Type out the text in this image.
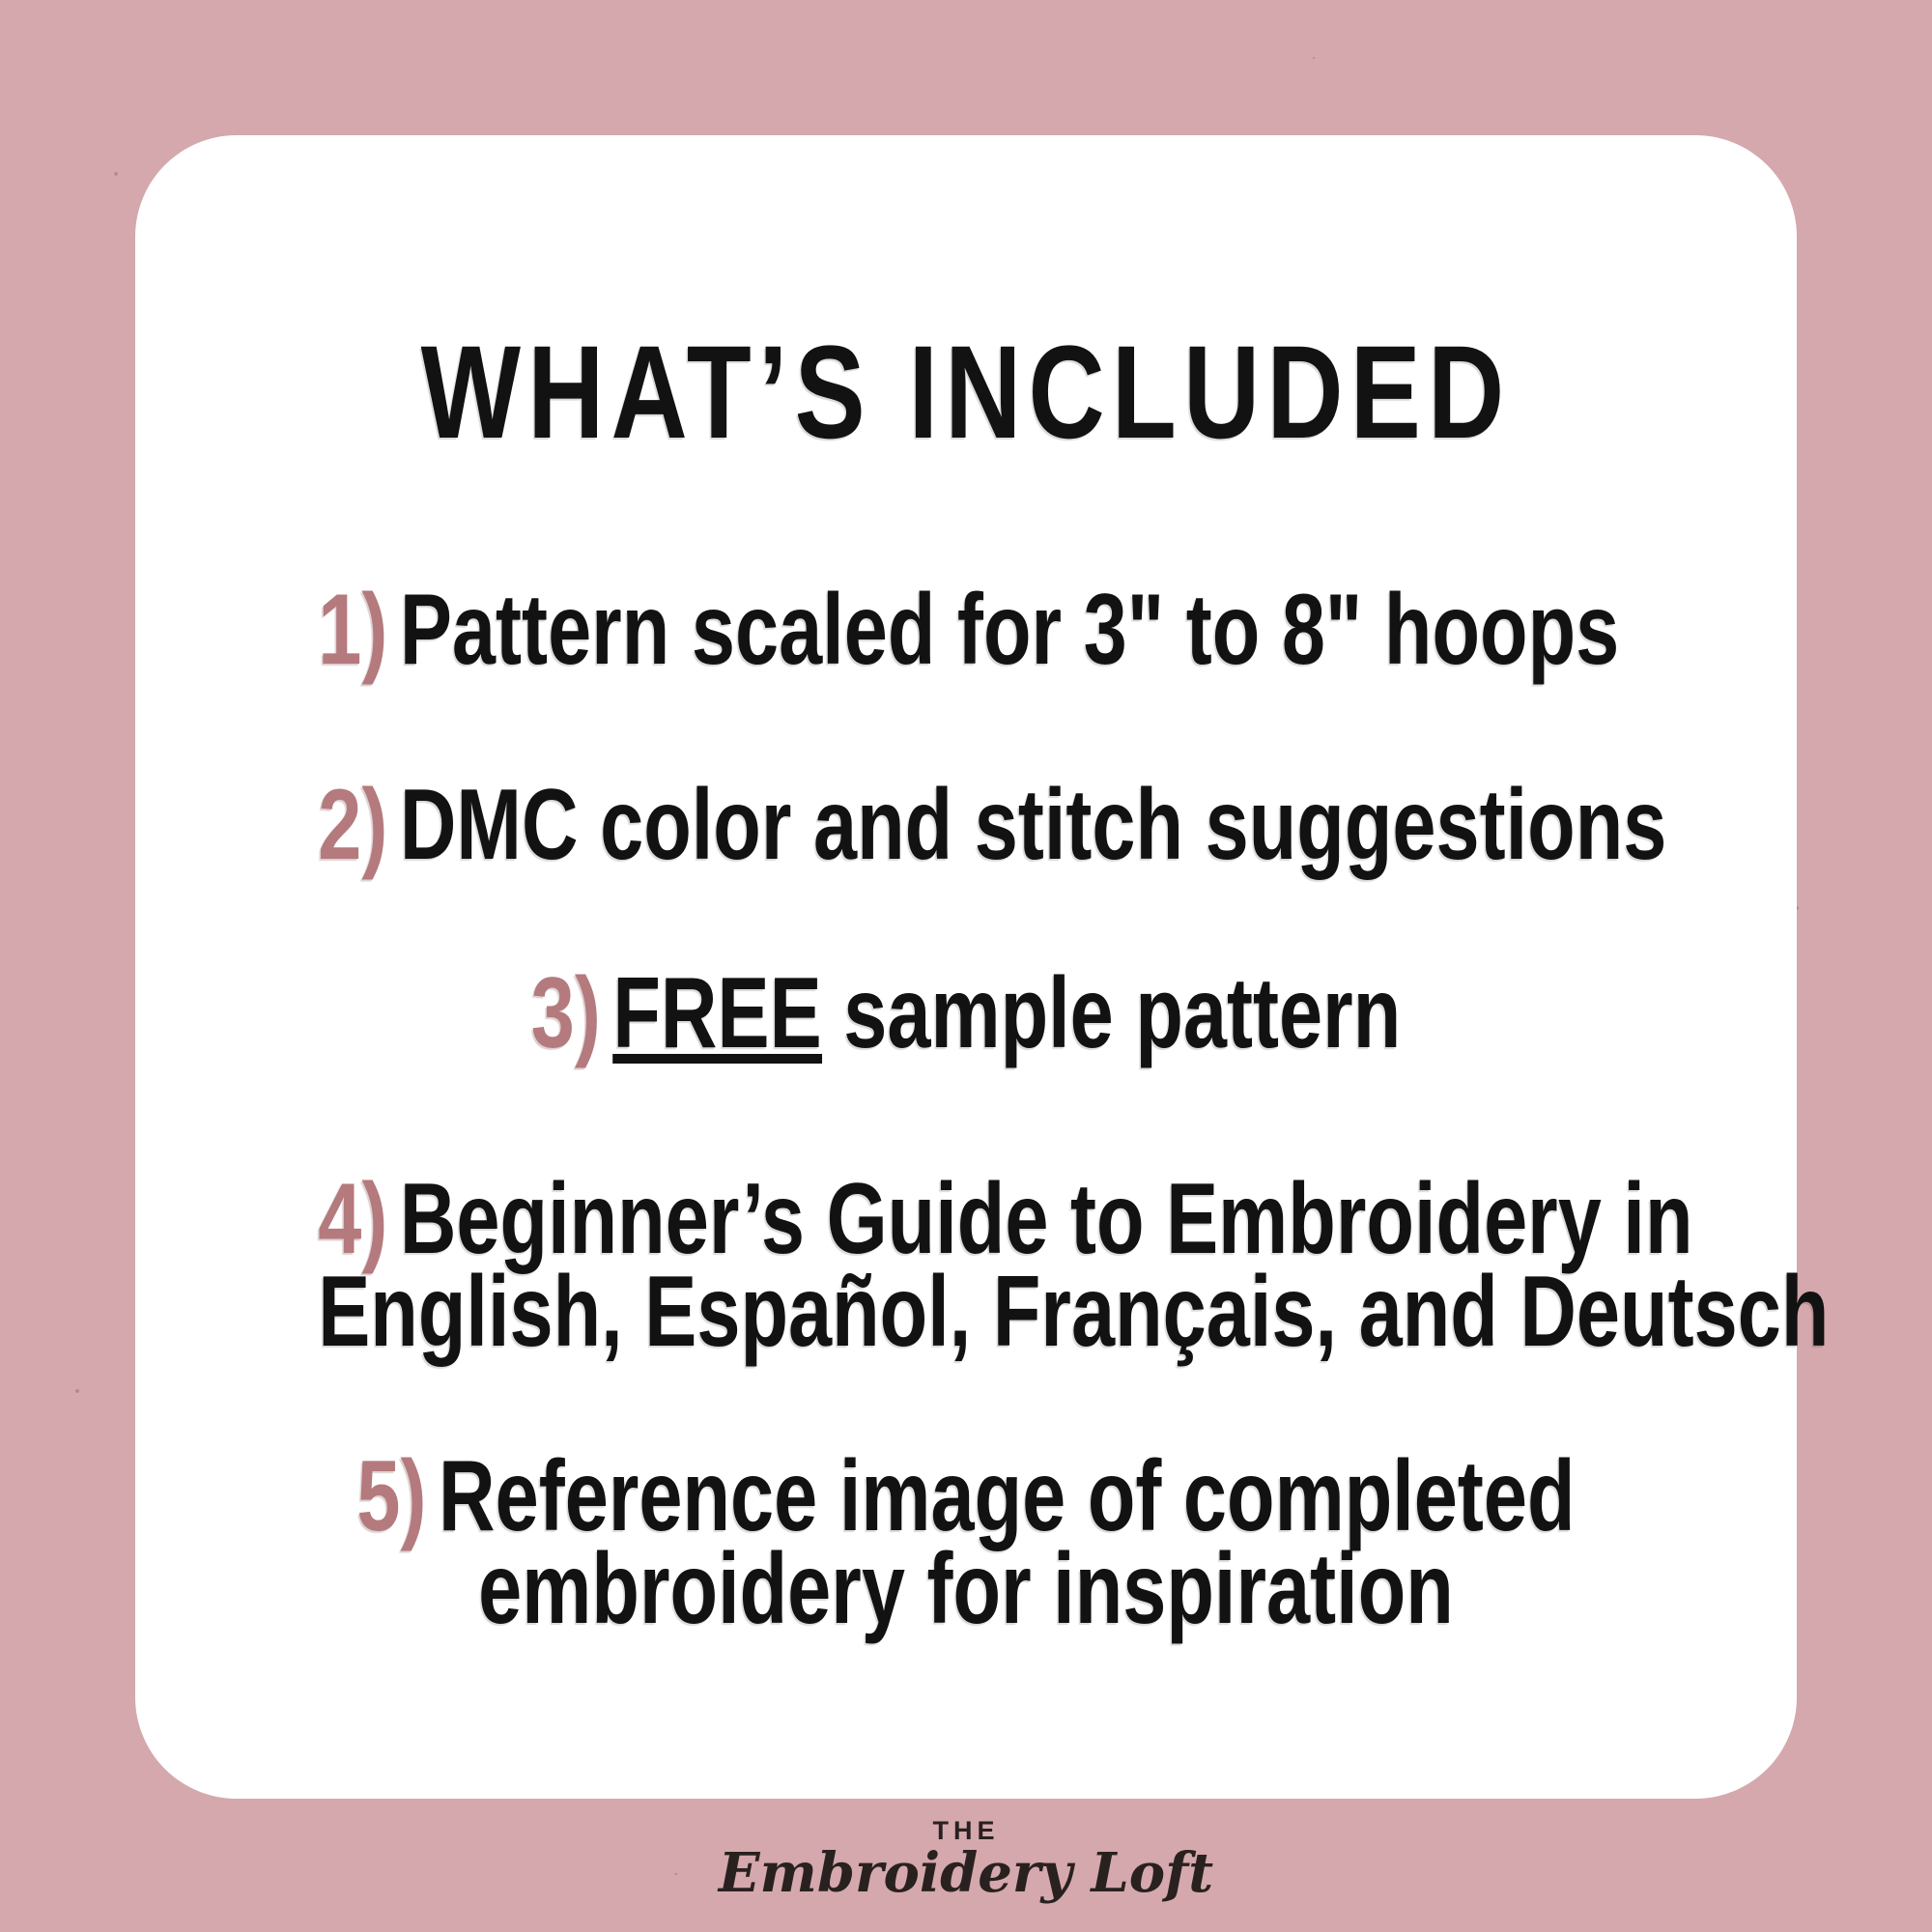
WHAT’S INCLUDED
1) Pattern scaled for 3" to 8" hoops
2) DMC color and stitch suggestions
3) FREE sample pattern
4) Beginner’s Guide to Embroidery in
English, Español, Français, and Deutsch
5) Reference image of completed
embroidery for inspiration
THE
Embroidery Loft
